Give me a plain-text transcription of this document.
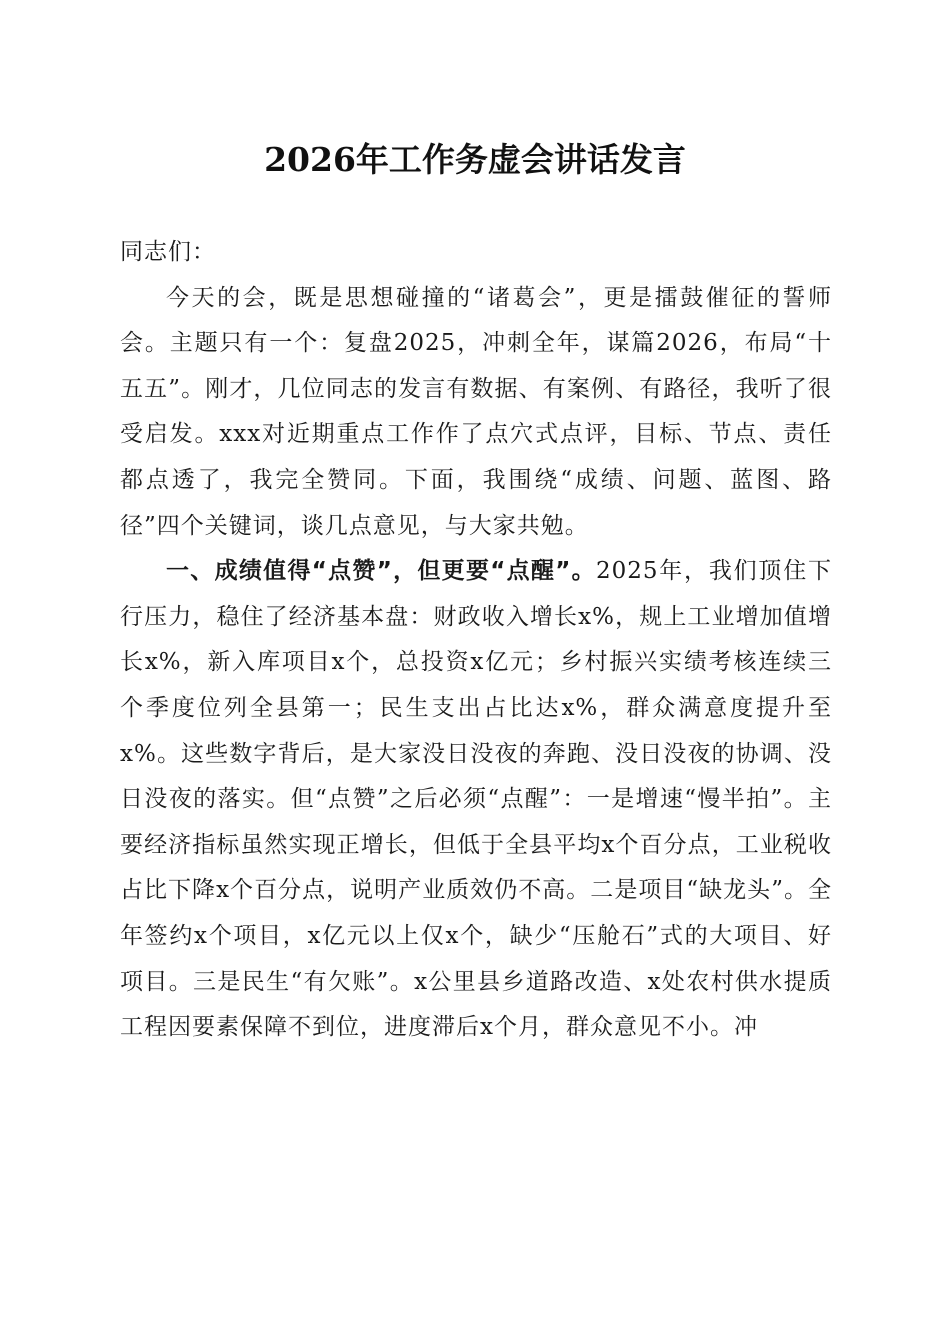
2026年工作务虚会讲话发言

同志们：

今天的会，既是思想碰撞的“诸葛会”，更是擂鼓催征的誓师会。主题只有一个：复盘2025，冲刺全年，谋篇2026，布局“十五五”。刚才，几位同志的发言有数据、有案例、有路径，我听了很受启发。xxx对近期重点工作作了点穴式点评，目标、节点、责任都点透了，我完全赞同。下面，我围绕“成绩、问题、蓝图、路径”四个关键词，谈几点意见，与大家共勉。

一、成绩值得“点赞”，但更要“点醒”。2025年，我们顶住下行压力，稳住了经济基本盘：财政收入增长x%，规上工业增加值增长x%，新入库项目x个，总投资x亿元；乡村振兴实绩考核连续三个季度位列全县第一；民生支出占比达x%，群众满意度提升至x%。这些数字背后，是大家没日没夜的奔跑、没日没夜的协调、没日没夜的落实。但“点赞”之后必须“点醒”：一是增速“慢半拍”。主要经济指标虽然实现正增长，但低于全县平均x个百分点，工业税收占比下降x个百分点，说明产业质效仍不高。二是项目“缺龙头”。全年签约x个项目，x亿元以上仅x个，缺少“压舱石”式的大项目、好项目。三是民生“有欠账”。x公里县乡道路改造、x处农村供水提质工程因要素保障不到位，进度滞后x个月，群众意见不小。冲
